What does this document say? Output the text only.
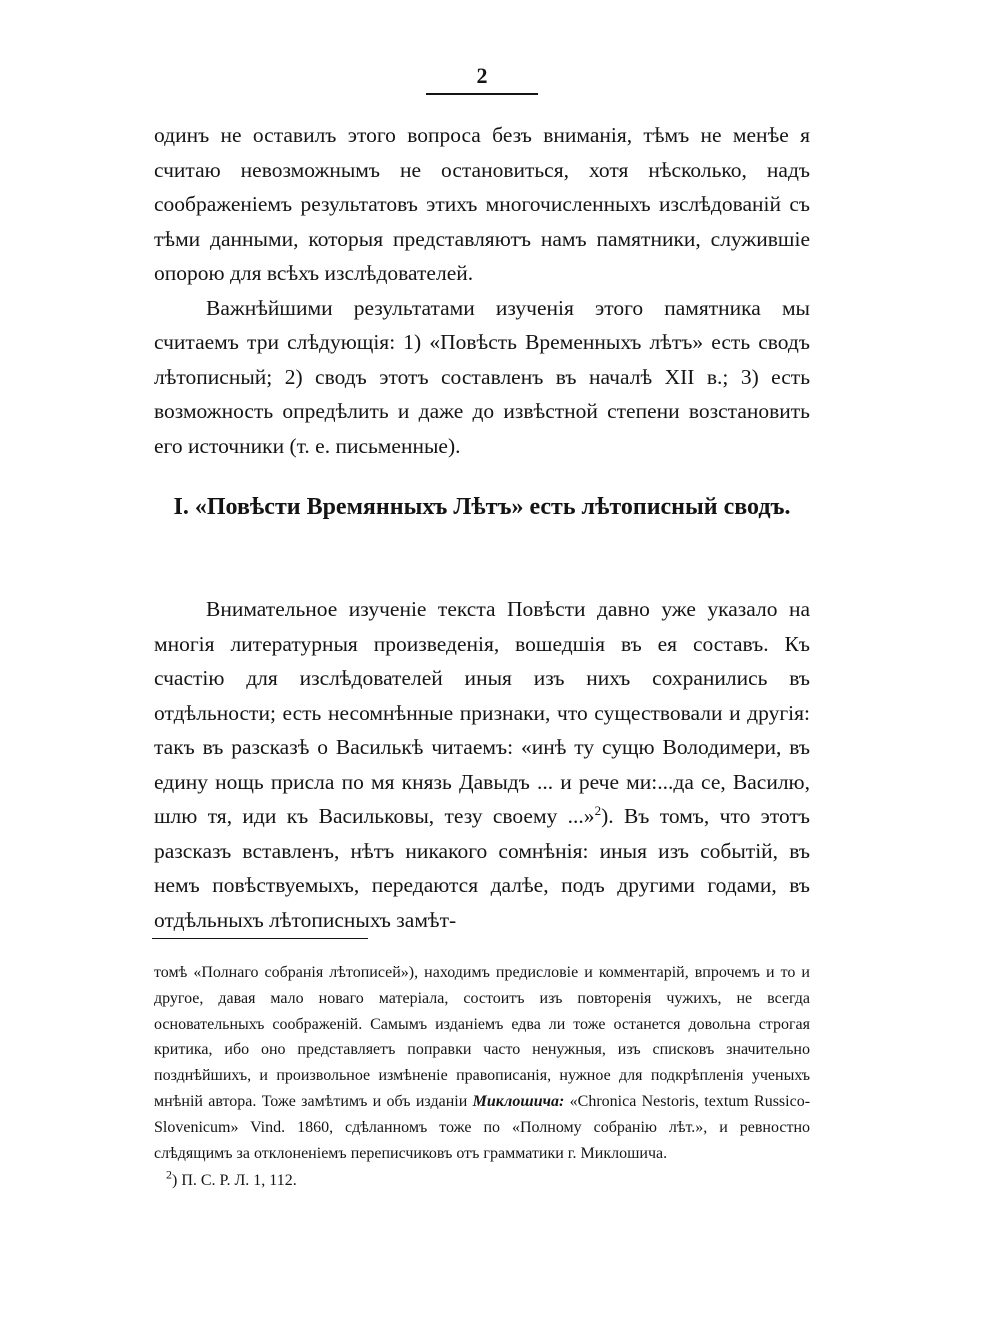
2

одинъ не оставилъ этого вопроса безъ вниманія, тѣмъ не менѣе я считаю невозможнымъ не остановиться, хотя нѣсколько, надъ соображеніемъ результатовъ этихъ многочисленныхъ изслѣдованій съ тѣми данными, которыя представляютъ намъ памятники, служившіе опорою для всѣхъ изслѣдователей.

Важнѣйшими результатами изученія этого памятника мы считаемъ три слѣдующія: 1) «Повѣсть Временныхъ лѣтъ» есть сводъ лѣтописный; 2) сводъ этотъ составленъ въ началѣ XII в.; 3) есть возможность опредѣлить и даже до извѣстной степени возстановить его источники (т. е. письменные).

I. «Повѣсти Времянныхъ Лѣтъ» есть лѣтописный сводъ.

Внимательное изученіе текста Повѣсти давно уже указало на многія литературныя произведенія, вошедшія въ ея составъ. Къ счастію для изслѣдователей иныя изъ нихъ сохранились въ отдѣльности; есть несомнѣнные признаки, что существовали и другія: такъ въ разсказѣ о Василькѣ читаемъ: «инѣ ту сущю Володимери, въ едину нощь присла по мя князь Давыдъ ... и рече ми:...да се, Василю, шлю тя, иди къ Васильковы, тезу своему ...»$^2$). Въ томъ, что этотъ разсказъ вставленъ, нѣтъ никакого сомнѣнія: иныя изъ событій, въ немъ повѣствуемыхъ, передаются далѣе, подъ другими годами, въ отдѣльныхъ лѣтописныхъ замѣт-

томѣ «Полнаго собранія лѣтописей»), находимъ предисловіе и комментарій, впрочемъ и то и другое, давая мало новаго матеріала, состоитъ изъ повторенія чужихъ, не всегда основательныхъ соображеній. Самымъ изданіемъ едва ли тоже останется довольна строгая критика, ибо оно представляетъ поправки часто ненужныя, изъ списковъ значительно позднѣйшихъ, и произвольное измѣненіе правописанія, нужное для подкрѣпленія ученыхъ мнѣній автора. Тоже замѣтимъ и объ изданіи Миклошича: «Chronica Nestoris, textum Russico-Slovenicum» Vind. 1860, сдѣланномъ тоже по «Полному собранію лѣт.», и ревностно слѣдящимъ за отклоненіемъ переписчиковъ отъ грамматики г. Миклошича.

$^2$) П. С. Р. Л. 1, 112.
